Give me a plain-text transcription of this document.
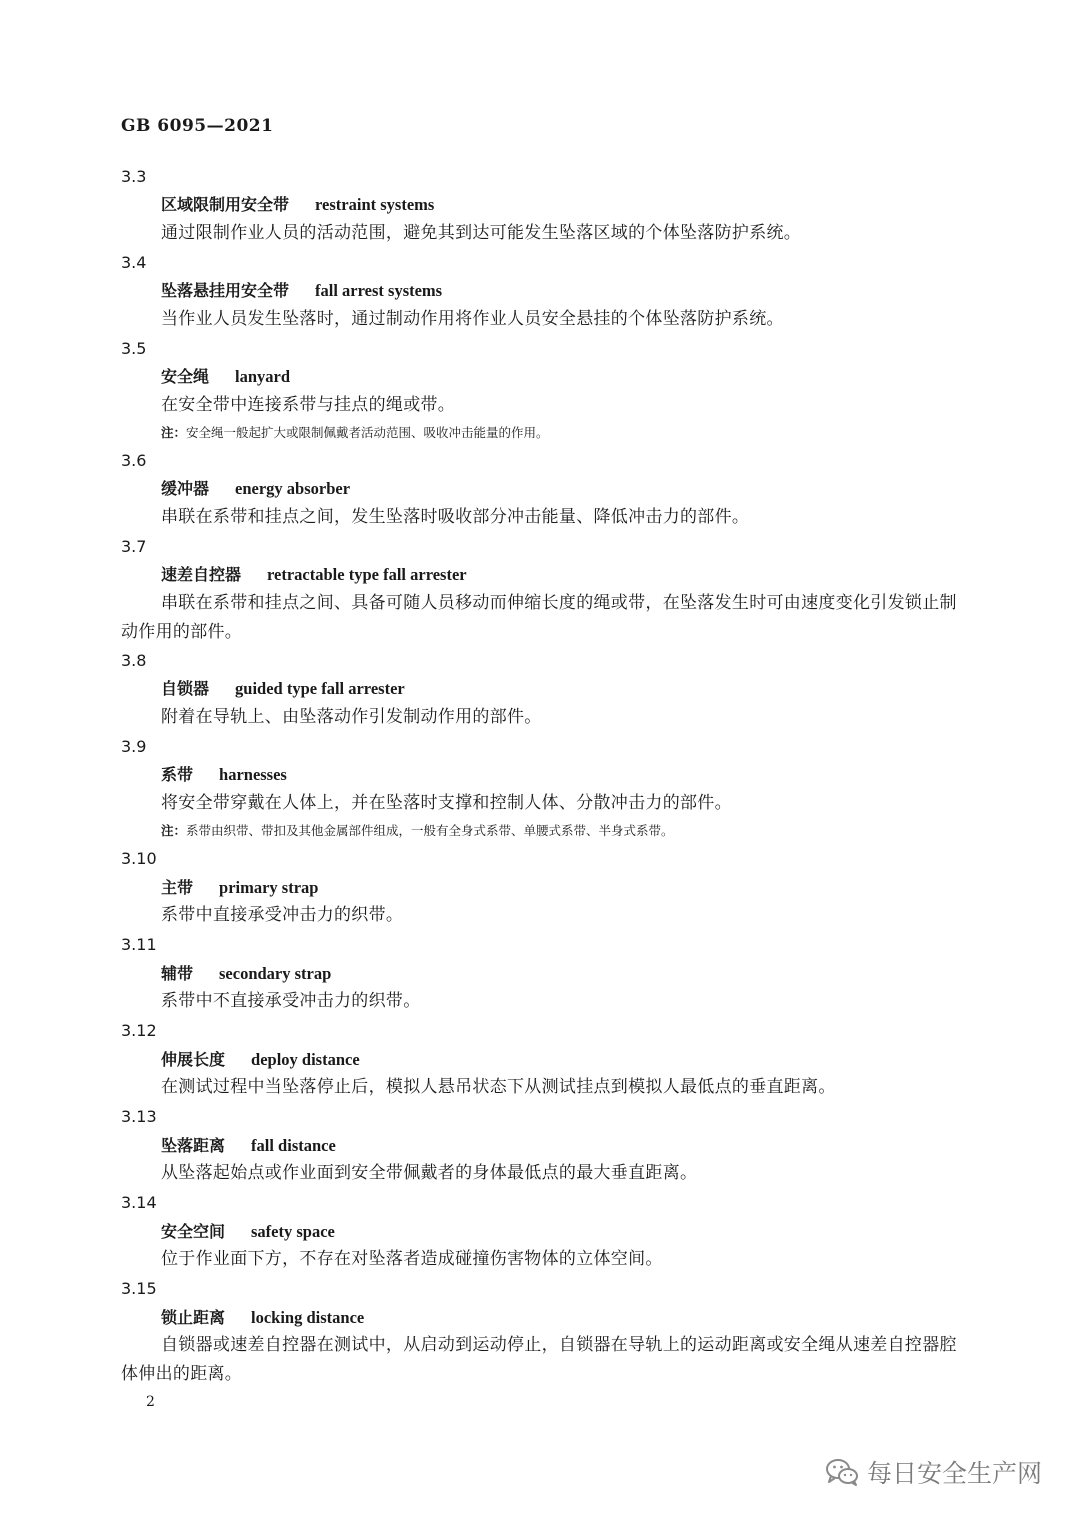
GB 6095—2021
3.3
区域限制用安全带 restraint systems
通过限制作业人员的活动范围，避免其到达可能发生坠落区域的个体坠落防护系统。
3.4
坠落悬挂用安全带 fall arrest systems
当作业人员发生坠落时，通过制动作用将作业人员安全悬挂的个体坠落防护系统。
3.5
安全绳 lanyard
在安全带中连接系带与挂点的绳或带。
注：安全绳一般起扩大或限制佩戴者活动范围、吸收冲击能量的作用。
3.6
缓冲器 energy absorber
串联在系带和挂点之间，发生坠落时吸收部分冲击能量、降低冲击力的部件。
3.7
速差自控器 retractable type fall arrester
串联在系带和挂点之间、具备可随人员移动而伸缩长度的绳或带，在坠落发生时可由速度变化引发锁止制动作用的部件。
3.8
自锁器 guided type fall arrester
附着在导轨上、由坠落动作引发制动作用的部件。
3.9
系带 harnesses
将安全带穿戴在人体上，并在坠落时支撑和控制人体、分散冲击力的部件。
注：系带由织带、带扣及其他金属部件组成，一般有全身式系带、单腰式系带、半身式系带。
3.10
主带 primary strap
系带中直接承受冲击力的织带。
3.11
辅带 secondary strap
系带中不直接承受冲击力的织带。
3.12
伸展长度 deploy distance
在测试过程中当坠落停止后，模拟人悬吊状态下从测试挂点到模拟人最低点的垂直距离。
3.13
坠落距离 fall distance
从坠落起始点或作业面到安全带佩戴者的身体最低点的最大垂直距离。
3.14
安全空间 safety space
位于作业面下方，不存在对坠落者造成碰撞伤害物体的立体空间。
3.15
锁止距离 locking distance
自锁器或速差自控器在测试中，从启动到运动停止，自锁器在导轨上的运动距离或安全绳从速差自控器腔体伸出的距离。
2
每日安全生产网
